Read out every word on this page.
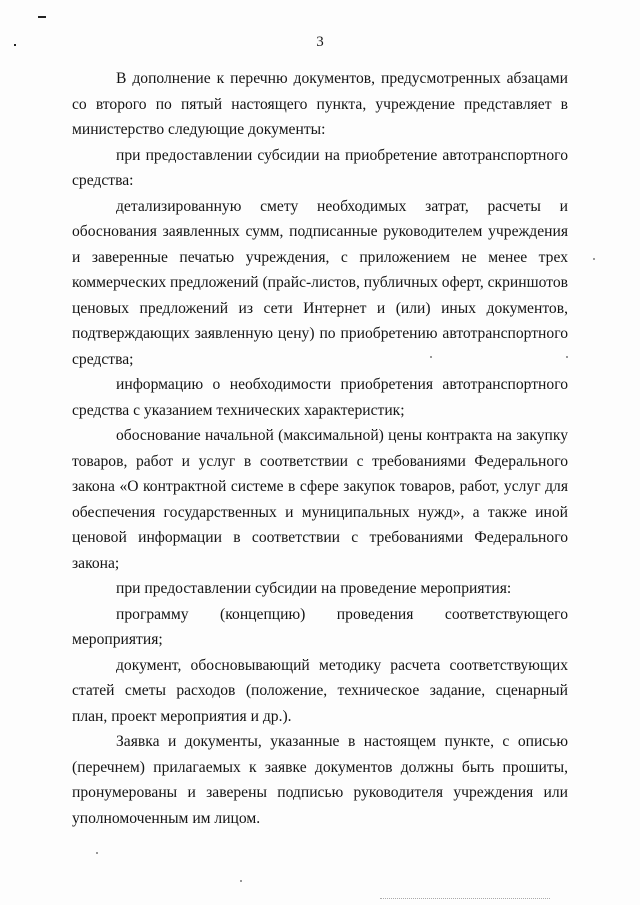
3

В дополнение к перечню документов, предусмотренных абзацами со второго по пятый настоящего пункта, учреждение представляет в министерство следующие документы:

при предоставлении субсидии на приобретение автотранспортного средства:

детализированную смету необходимых затрат, расчеты и обоснования заявленных сумм, подписанные руководителем учреждения и заверенные печатью учреждения, с приложением не менее трех коммерческих предложений (прайс-листов, публичных оферт, скриншотов ценовых предложений из сети Интернет и (или) иных документов, подтверждающих заявленную цену) по приобретению автотранспортного средства;

информацию о необходимости приобретения автотранспортного средства с указанием технических характеристик;

обоснование начальной (максимальной) цены контракта на закупку товаров, работ и услуг в соответствии с требованиями Федерального закона «О контрактной системе в сфере закупок товаров, работ, услуг для обеспечения государственных и муниципальных нужд», а также иной ценовой информации в соответствии с требованиями Федерального закона;

при предоставлении субсидии на проведение мероприятия:

программу (концепцию) проведения соответствующего мероприятия;

документ, обосновывающий методику расчета соответствующих статей сметы расходов (положение, техническое задание, сценарный план, проект мероприятия и др.).

Заявка и документы, указанные в настоящем пункте, с описью (перечнем) прилагаемых к заявке документов должны быть прошиты, пронумерованы и заверены подписью руководителя учреждения или уполномоченным им лицом.
